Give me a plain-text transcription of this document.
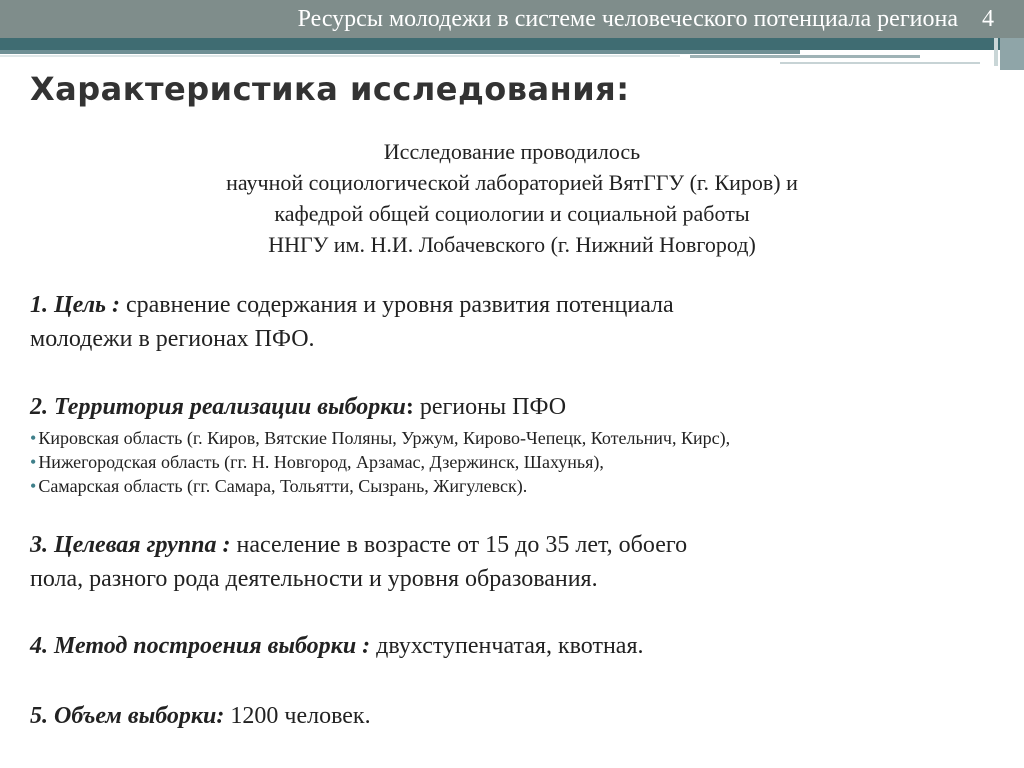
Ресурсы молодежи в системе человеческого потенциала региона 4
Характеристика исследования:
Исследование проводилось
научной социологической лабораторией ВятГГУ (г. Киров) и
кафедрой общей социологии и социальной работы
ННГУ им. Н.И. Лобачевского (г. Нижний Новгород)
1. Цель : сравнение содержания и уровня развития потенциала
молодежи в регионах ПФО.
2. Территория реализации выборки: регионы ПФО
• Кировская область (г. Киров, Вятские Поляны, Уржум, Кирово-Чепецк, Котельнич, Кирс),
• Нижегородская область (гг. Н. Новгород, Арзамас, Дзержинск, Шахунья),
• Самарская область (гг. Самара, Тольятти, Сызрань, Жигулевск).
3. Целевая группа : население в возрасте от 15 до 35 лет, обоего
пола, разного рода деятельности и уровня образования.
4. Метод построения выборки : двухступенчатая, квотная.
5. Объем выборки: 1200 человек.
